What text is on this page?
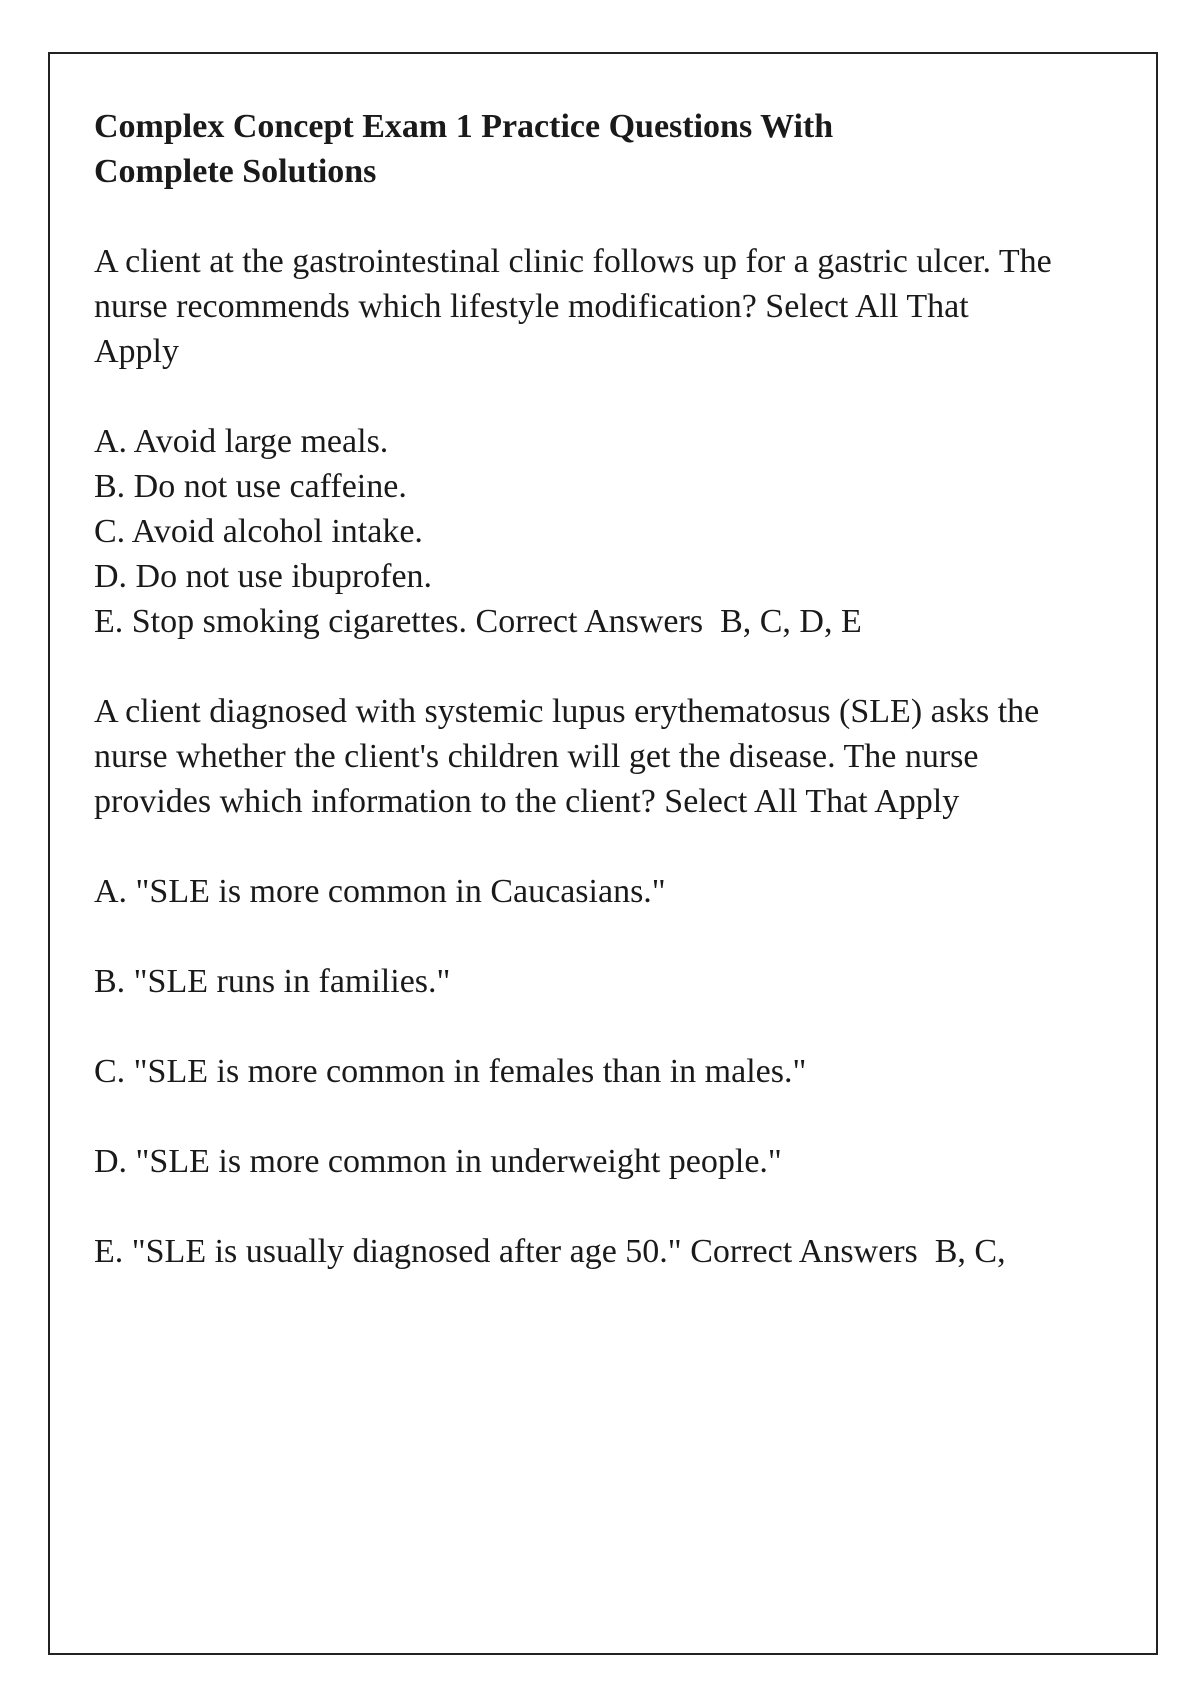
Complex Concept Exam 1 Practice Questions With
Complete Solutions
A client at the gastrointestinal clinic follows up for a gastric ulcer. The nurse recommends which lifestyle modification? Select All That Apply
A. Avoid large meals.
B. Do not use caffeine.
C. Avoid alcohol intake.
D. Do not use ibuprofen.
E. Stop smoking cigarettes. Correct Answers B, C, D, E
A client diagnosed with systemic lupus erythematosus (SLE) asks the nurse whether the client's children will get the disease. The nurse provides which information to the client? Select All That Apply
A. "SLE is more common in Caucasians."
B. "SLE runs in families."
C. "SLE is more common in females than in males."
D. "SLE is more common in underweight people."
E. "SLE is usually diagnosed after age 50." Correct Answers B, C,
